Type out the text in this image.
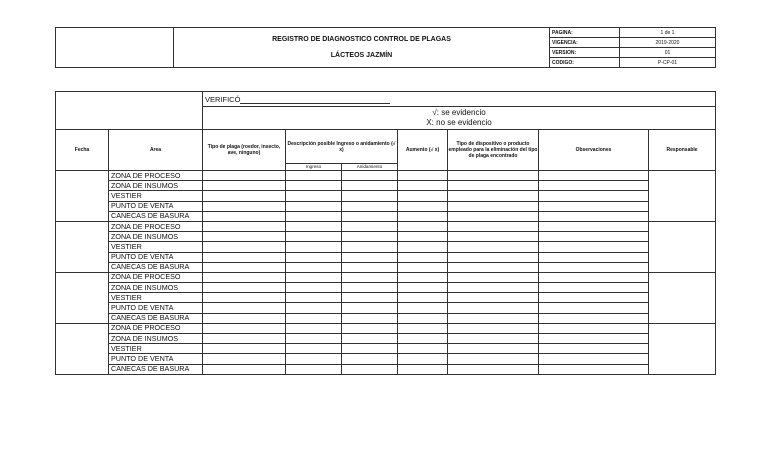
	REGISTRO DE DIAGNOSTICO CONTROL DE PLAGAS
LÁCTEOS JAZMÍN	PAGINA:	1 de 1
		VIGENCIA:	2019-2020
		VERSION:	01
		CODIGO:	P-CP-01
		VERIFICÓ						

		√: se evidencio
X: no se evidencio						

Fecha	Area	Tipo de plaga (roedor, insecto, ave, ninguno)	Descripción posible Ingreso o anidamiento (√ x)		Aumento (√ x)	Tipo de dispositivo o producto empleado para la eliminación del tipo de plaga encontrado	Observaciones	Responsable
			Ingreso	Anidamiento				
	ZONA DE PROCESO							
	ZONA DE INSUMOS							
	VESTIER							
	PUNTO DE VENTA							
	CANECAS DE BASURA							
	ZONA DE PROCESO							
	ZONA DE INSUMOS							
	VESTIER							
	PUNTO DE VENTA							
	CANECAS DE BASURA							
	ZONA DE PROCESO							
	ZONA DE INSUMOS							
	VESTIER							
	PUNTO DE VENTA							
	CANECAS DE BASURA							
	ZONA DE PROCESO							
	ZONA DE INSUMOS							
	VESTIER							
	PUNTO DE VENTA							
	CANECAS DE BASURA							
